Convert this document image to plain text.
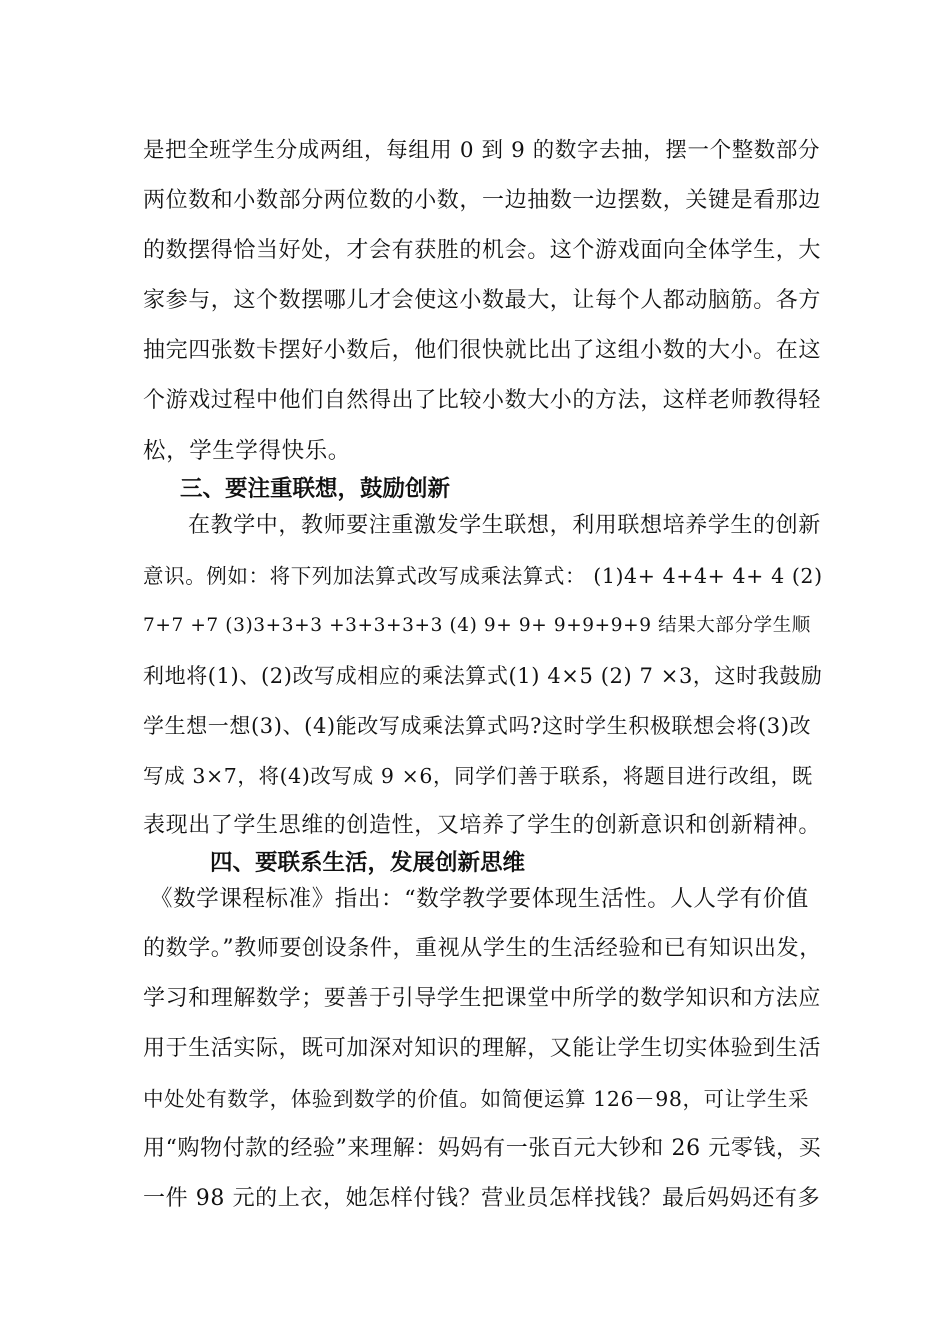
是把全班学生分成两组，每组用 0 到 9 的数字去抽，摆一个整数部分
两位数和小数部分两位数的小数，一边抽数一边摆数，关键是看那边
的数摆得恰当好处，才会有获胜的机会。这个游戏面向全体学生，大
家参与，这个数摆哪儿才会使这小数最大，让每个人都动脑筋。各方
抽完四张数卡摆好小数后，他们很快就比出了这组小数的大小。在这
个游戏过程中他们自然得出了比较小数大小的方法，这样老师教得轻
松，学生学得快乐。
三、要注重联想，鼓励创新
在教学中，教师要注重激发学生联想，利用联想培养学生的创新
意识。例如：将下列加法算式改写成乘法算式： (1)4+ 4+4+ 4+ 4 (2)
7+7 +7 (3)3+3+3 +3+3+3+3 (4) 9+ 9+ 9+9+9+9 结果大部分学生顺
利地将(1)、(2)改写成相应的乘法算式(1) 4×5 (2) 7 ×3，这时我鼓励
学生想一想(3)、(4)能改写成乘法算式吗?这时学生积极联想会将(3)改
写成 3×7，将(4)改写成 9 ×6，同学们善于联系，将题目进行改组，既
表现出了学生思维的创造性，又培养了学生的创新意识和创新精神。
四、要联系生活，发展创新思维
《数学课程标准》指出：“数学教学要体现生活性。人人学有价值
的数学。”教师要创设条件，重视从学生的生活经验和已有知识出发，
学习和理解数学；要善于引导学生把课堂中所学的数学知识和方法应
用于生活实际，既可加深对知识的理解，又能让学生切实体验到生活
中处处有数学，体验到数学的价值。如简便运算 126－98，可让学生采
用“购物付款的经验”来理解：妈妈有一张百元大钞和 26 元零钱，买
一件 98 元的上衣，她怎样付钱？营业员怎样找钱？最后妈妈还有多
